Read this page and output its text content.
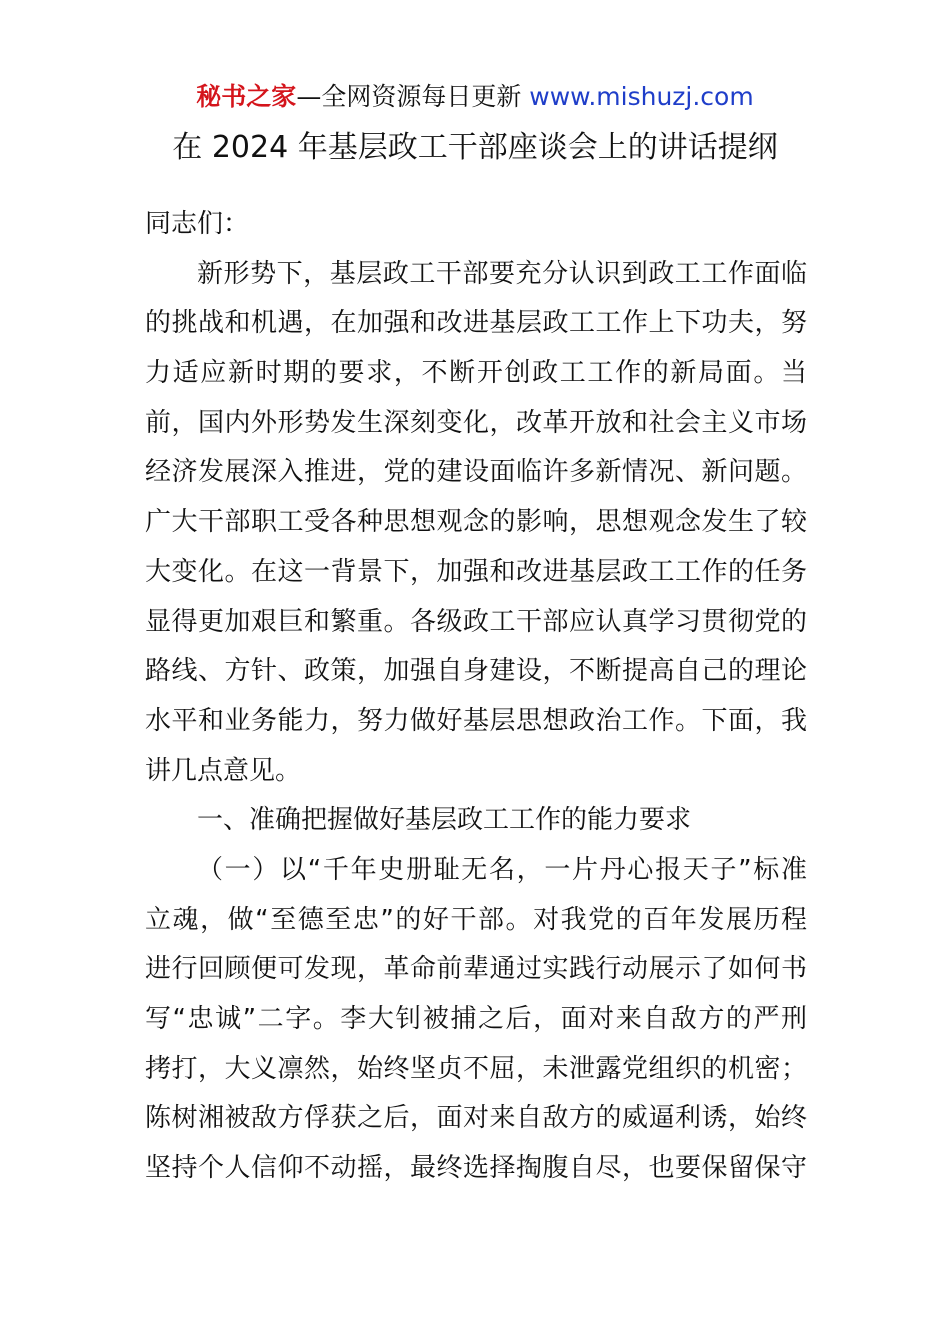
秘书之家—全网资源每日更新 www.mishuzj.com
在 2024 年基层政工干部座谈会上的讲话提纲
同志们：
新形势下，基层政工干部要充分认识到政工工作面临
的挑战和机遇，在加强和改进基层政工工作上下功夫，努
力适应新时期的要求，不断开创政工工作的新局面。当
前，国内外形势发生深刻变化，改革开放和社会主义市场
经济发展深入推进，党的建设面临许多新情况、新问题。
广大干部职工受各种思想观念的影响，思想观念发生了较
大变化。在这一背景下，加强和改进基层政工工作的任务
显得更加艰巨和繁重。各级政工干部应认真学习贯彻党的
路线、方针、政策，加强自身建设，不断提高自己的理论
水平和业务能力，努力做好基层思想政治工作。下面，我
讲几点意见。
一、准确把握做好基层政工工作的能力要求
（一）以“千年史册耻无名，一片丹心报天子”标准
立魂，做“至德至忠”的好干部。对我党的百年发展历程
进行回顾便可发现，革命前辈通过实践行动展示了如何书
写“忠诚”二字。李大钊被捕之后，面对来自敌方的严刑
拷打，大义凛然，始终坚贞不屈，未泄露党组织的机密；
陈树湘被敌方俘获之后，面对来自敌方的威逼利诱，始终
坚持个人信仰不动摇，最终选择掏腹自尽，也要保留保守
